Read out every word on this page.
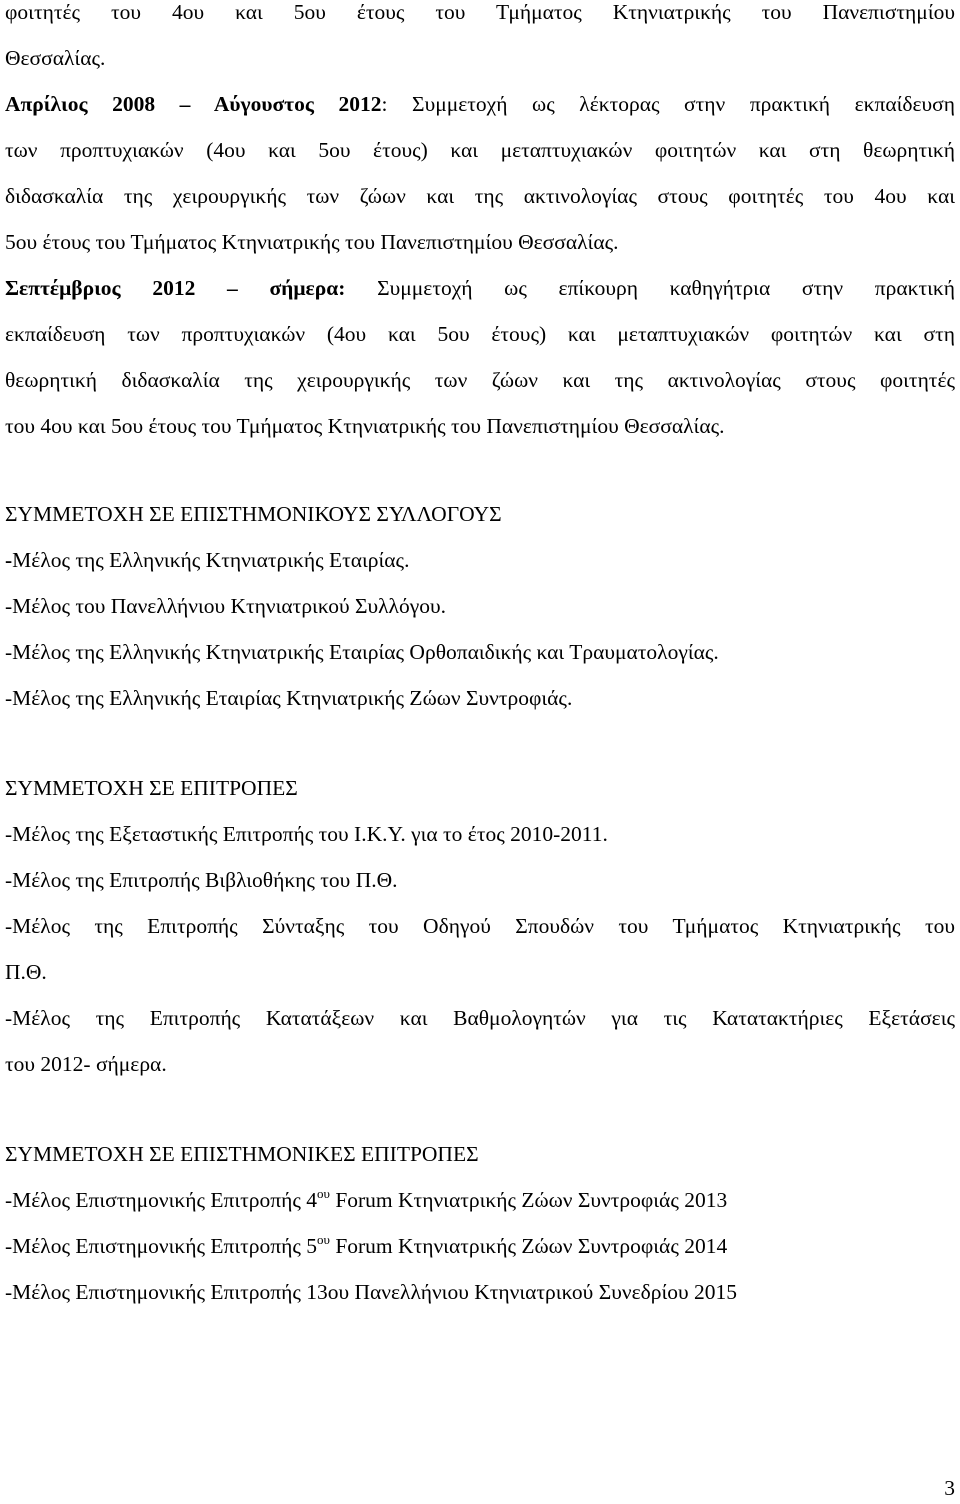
φοιτητές του 4ου και 5ου έτους του Τμήματος Κτηνιατρικής του Πανεπιστημίου
Θεσσαλίας.
Απρίλιος 2008 – Αύγουστος 2012: Συμμετοχή ως λέκτορας στην πρακτική εκπαίδευση
των προπτυχιακών (4ου και 5ου έτους) και μεταπτυχιακών φοιτητών και στη θεωρητική
διδασκαλία της χειρουργικής των ζώων και της ακτινολογίας στους φοιτητές του 4ου και
5ου έτους του Τμήματος Κτηνιατρικής του Πανεπιστημίου Θεσσαλίας.
Σεπτέμβριος 2012 – σήμερα: Συμμετοχή ως επίκουρη καθηγήτρια στην πρακτική
εκπαίδευση των προπτυχιακών (4ου και 5ου έτους) και μεταπτυχιακών φοιτητών και στη
θεωρητική διδασκαλία της χειρουργικής των ζώων και της ακτινολογίας στους φοιτητές
του 4ου και 5ου έτους του Τμήματος Κτηνιατρικής του Πανεπιστημίου Θεσσαλίας.
ΣΥΜΜΕΤΟΧΗ ΣΕ ΕΠΙΣΤΗΜΟΝΙΚΟΥΣ ΣΥΛΛΟΓΟΥΣ
-Μέλος της Ελληνικής Κτηνιατρικής Εταιρίας.
-Μέλος του Πανελλήνιου Κτηνιατρικού Συλλόγου.
-Μέλος της Ελληνικής Κτηνιατρικής Εταιρίας Ορθοπαιδικής και Τραυματολογίας.
-Μέλος της Ελληνικής Εταιρίας Κτηνιατρικής Ζώων Συντροφιάς.
ΣΥΜΜΕΤΟΧΗ ΣΕ ΕΠΙΤΡΟΠΕΣ
-Μέλος της Εξεταστικής Επιτροπής του Ι.Κ.Υ. για το έτος 2010-2011.
-Μέλος της Επιτροπής Βιβλιοθήκης του Π.Θ.
-Μέλος της Επιτροπής Σύνταξης του Οδηγού Σπουδών του Τμήματος Κτηνιατρικής του
Π.Θ.
-Μέλος της Επιτροπής Κατατάξεων και Βαθμολογητών για τις Κατατακτήριες Εξετάσεις
του 2012- σήμερα.
ΣΥΜΜΕΤΟΧΗ ΣΕ ΕΠΙΣΤΗΜΟΝΙΚΕΣ ΕΠΙΤΡΟΠΕΣ
-Μέλος Επιστημονικής Επιτροπής $4^{o\upsilon}$ Forum Κτηνιατρικής Ζώων Συντροφιάς 2013
-Μέλος Επιστημονικής Επιτροπής $5^{o\upsilon}$ Forum Κτηνιατρικής Ζώων Συντροφιάς 2014
-Μέλος Επιστημονικής Επιτροπής 13ου Πανελλήνιου Κτηνιατρικού Συνεδρίου 2015
3
